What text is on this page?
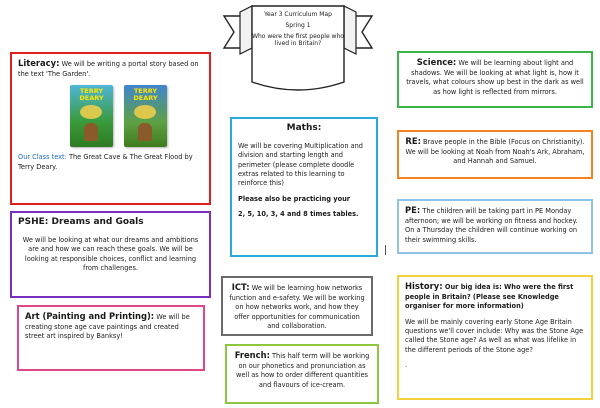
Year 3 Curriculum Map

Spring 1

Who were the first people who lived in Britain?

Literacy: We will be writing a portal story based on the text 'The Garden'.

TERRY DEARY
TERRY DEARY

Our Class text: The Great Cave & The Great Flood by Terry Deary.

PSHE: Dreams and Goals

We will be looking at what our dreams and ambitions are and how we can reach these goals. We will be looking at responsible choices, conflict and learning from challenges.

Art (Painting and Printing): We will be creating stone age cave paintings and created street art inspired by Banksy!

Maths:

We will be covering Multiplication and division and starting length and perimeter (please complete doodle extras related to this learning to reinforce this)

Please also be practicing your

2, 5, 10, 3, 4 and 8 times tables.

ICT: We will be learning how networks function and e-safety. We will be working on how networks work, and how they offer opportunities for communication and collaboration.

French: This half term will be working on our phonetics and pronunciation as well as how to order different quantities and flavours of ice-cream.

Science: We will be learning about light and shadows. We will be looking at what light is, how it travels, what colours show up best in the dark as well as how light is reflected from mirrors.

RE: Brave people in the Bible (Focus on Christianity). We will be looking at Noah from Noah's Ark, Abraham, and Hannah and Samuel.

PE: The children will be taking part in PE Monday afternoon; we will be working on fitness and hockey. On a Thursday the children will continue working on their swimming skills.

History: Our big idea is: Who were the first people in Britain? (Please see Knowledge organiser for more information)

We will be mainly covering early Stone Age Britain questions we'll cover include: Why was the Stone Age called the Stone age? As well as what was lifelike in the different periods of the Stone age?

.
